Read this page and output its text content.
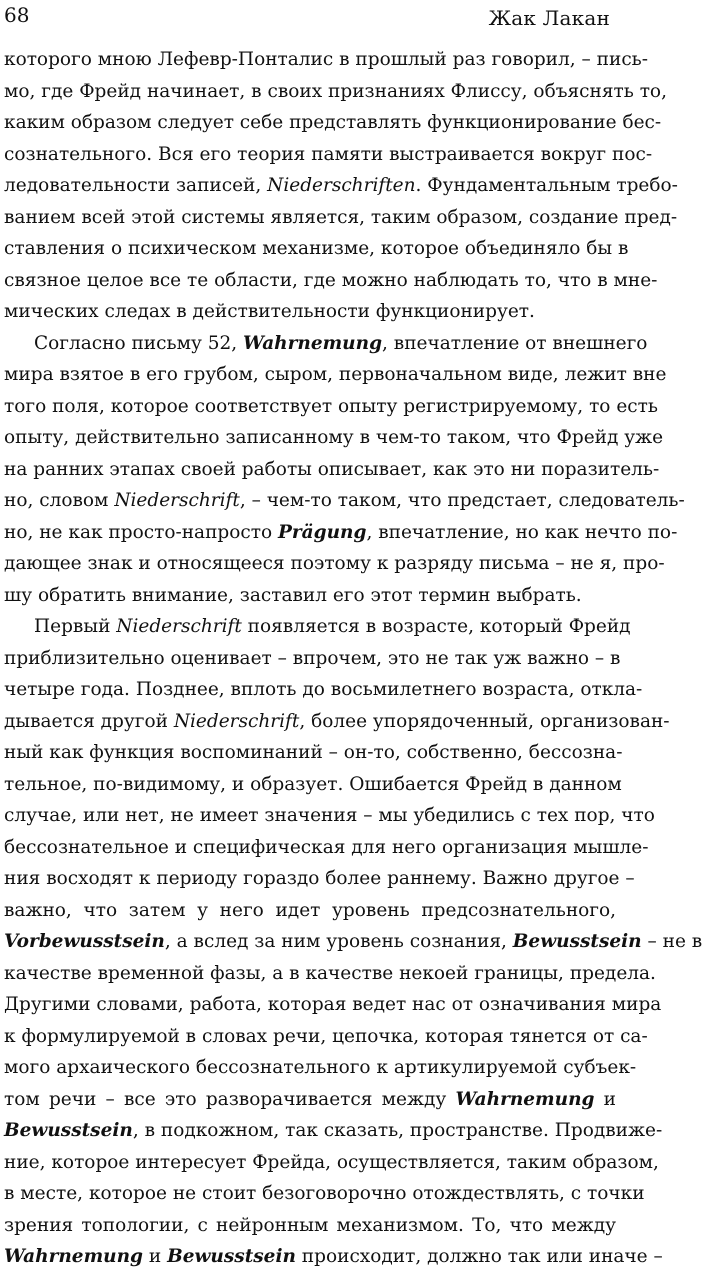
68	Жак Лакан
которого мною Лефевр-Понталис в прошлый раз говорил, – пись-
мо, где Фрейд начинает, в своих признаниях Флиссу, объяснять то,
каким образом следует себе представлять функционирование бес-
сознательного. Вся его теория памяти выстраивается вокруг пос-
ледовательности записей, Niederschriften. Фундаментальным требо-
ванием всей этой системы является, таким образом, создание пред-
ставления о психическом механизме, которое объединяло бы в
связное целое все те области, где можно наблюдать то, что в мне-
мических следах в действительности функционирует.
Согласно письму 52, Wahrnemung, впечатление от внешнего
мира взятое в его грубом, сыром, первоначальном виде, лежит вне
того поля, которое соответствует опыту регистрируемому, то есть
опыту, действительно записанному в чем-то таком, что Фрейд уже
на ранних этапах своей работы описывает, как это ни поразитель-
но, словом Niederschrift, – чем-то таком, что предстает, следователь-
но, не как просто-напросто Prägung, впечатление, но как нечто по-
дающее знак и относящееся поэтому к разряду письма – не я, про-
шу обратить внимание, заставил его этот термин выбрать.
Первый Niederschrift появляется в возрасте, который Фрейд
приблизительно оценивает – впрочем, это не так уж важно – в
четыре года. Позднее, вплоть до восьмилетнего возраста, откла-
дывается другой Niederschrift, более упорядоченный, организован-
ный как функция воспоминаний – он-то, собственно, бессозна-
тельное, по-видимому, и образует. Ошибается Фрейд в данном
случае, или нет, не имеет значения – мы убедились с тех пор, что
бессознательное и специфическая для него организация мышле-
ния восходят к периоду гораздо более раннему. Важно другое –
важно, что затем у него идет уровень предсознательного,
Vorbewusstsein, а вслед за ним уровень сознания, Bewusstsein – не в
качестве временной фазы, а в качестве некоей границы, предела.
Другими словами, работа, которая ведет нас от означивания мира
к формулируемой в словах речи, цепочка, которая тянется от са-
мого архаического бессознательного к артикулируемой субъек-
том речи – все это разворачивается между Wahrnemung и
Bewusstsein, в подкожном, так сказать, пространстве. Продвиже-
ние, которое интересует Фрейда, осуществляется, таким образом,
в месте, которое не стоит безоговорочно отождествлять, с точки
зрения топологии, с нейронным механизмом. То, что между
Wahrnemung и Bewusstsein происходит, должно так или иначе –
